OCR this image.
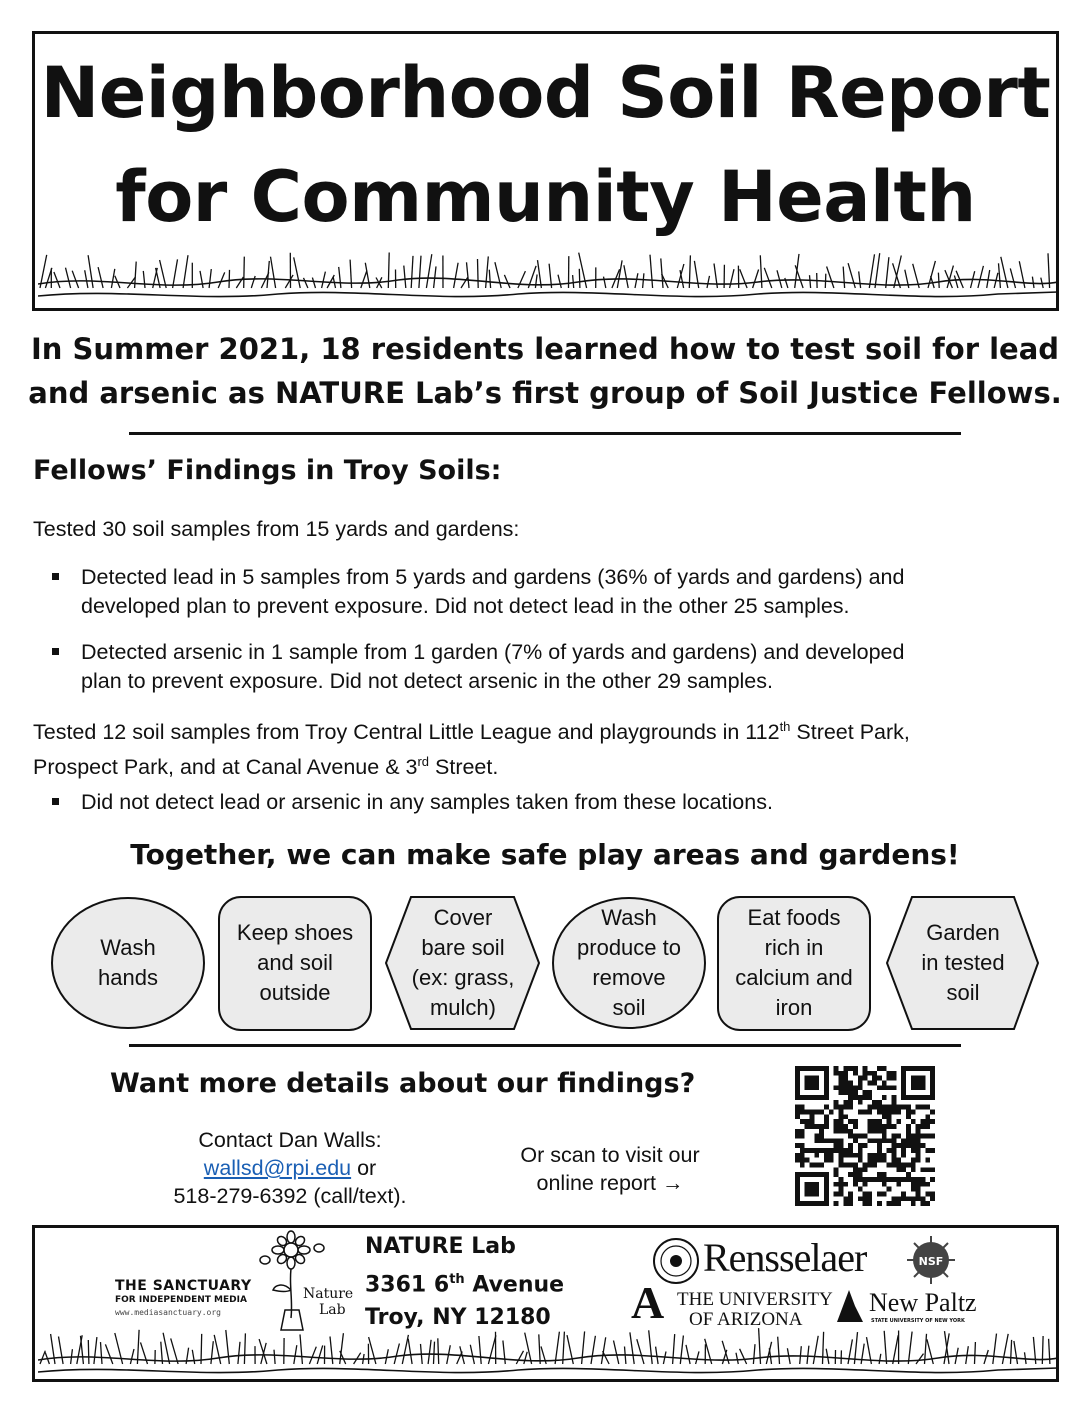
Neighborhood Soil Report
for Community Health
In Summer 2021, 18 residents learned how to test soil for lead
and arsenic as NATURE Lab’s first group of Soil Justice Fellows.
Fellows’ Findings in Troy Soils:
Tested 30 soil samples from 15 yards and gardens:
Detected lead in 5 samples from 5 yards and gardens (36% of yards and gardens) and
developed plan to prevent exposure. Did not detect lead in the other 25 samples.
Detected arsenic in 1 sample from 1 garden (7% of yards and gardens) and developed
plan to prevent exposure. Did not detect arsenic in the other 29 samples.
Tested 12 soil samples from Troy Central Little League and playgrounds in 112th Street Park,
Prospect Park, and at Canal Avenue & 3rd Street.
Did not detect lead or arsenic in any samples taken from these locations.
Together, we can make safe play areas and gardens!
Wash
hands
Keep shoes
and soil
outside
Cover
bare soil
(ex: grass,
mulch)
Wash
produce to
remove
soil
Eat foods
rich in
calcium and
iron
Garden
in tested
soil
Want more details about our findings?
Contact Dan Walls:
wallsd@rpi.edu or
518-279-6392 (call/text).
Or scan to visit our
online report →
THE SANCTUARY
FOR INDEPENDENT MEDIA
www.mediasanctuary.org
Nature
Lab
NATURE Lab
3361 6th Avenue
Troy, NY 12180
Rensselaer	NSF
A THE UNIVERSITY
OF ARIZONA
New Paltz
STATE UNIVERSITY OF NEW YORK
